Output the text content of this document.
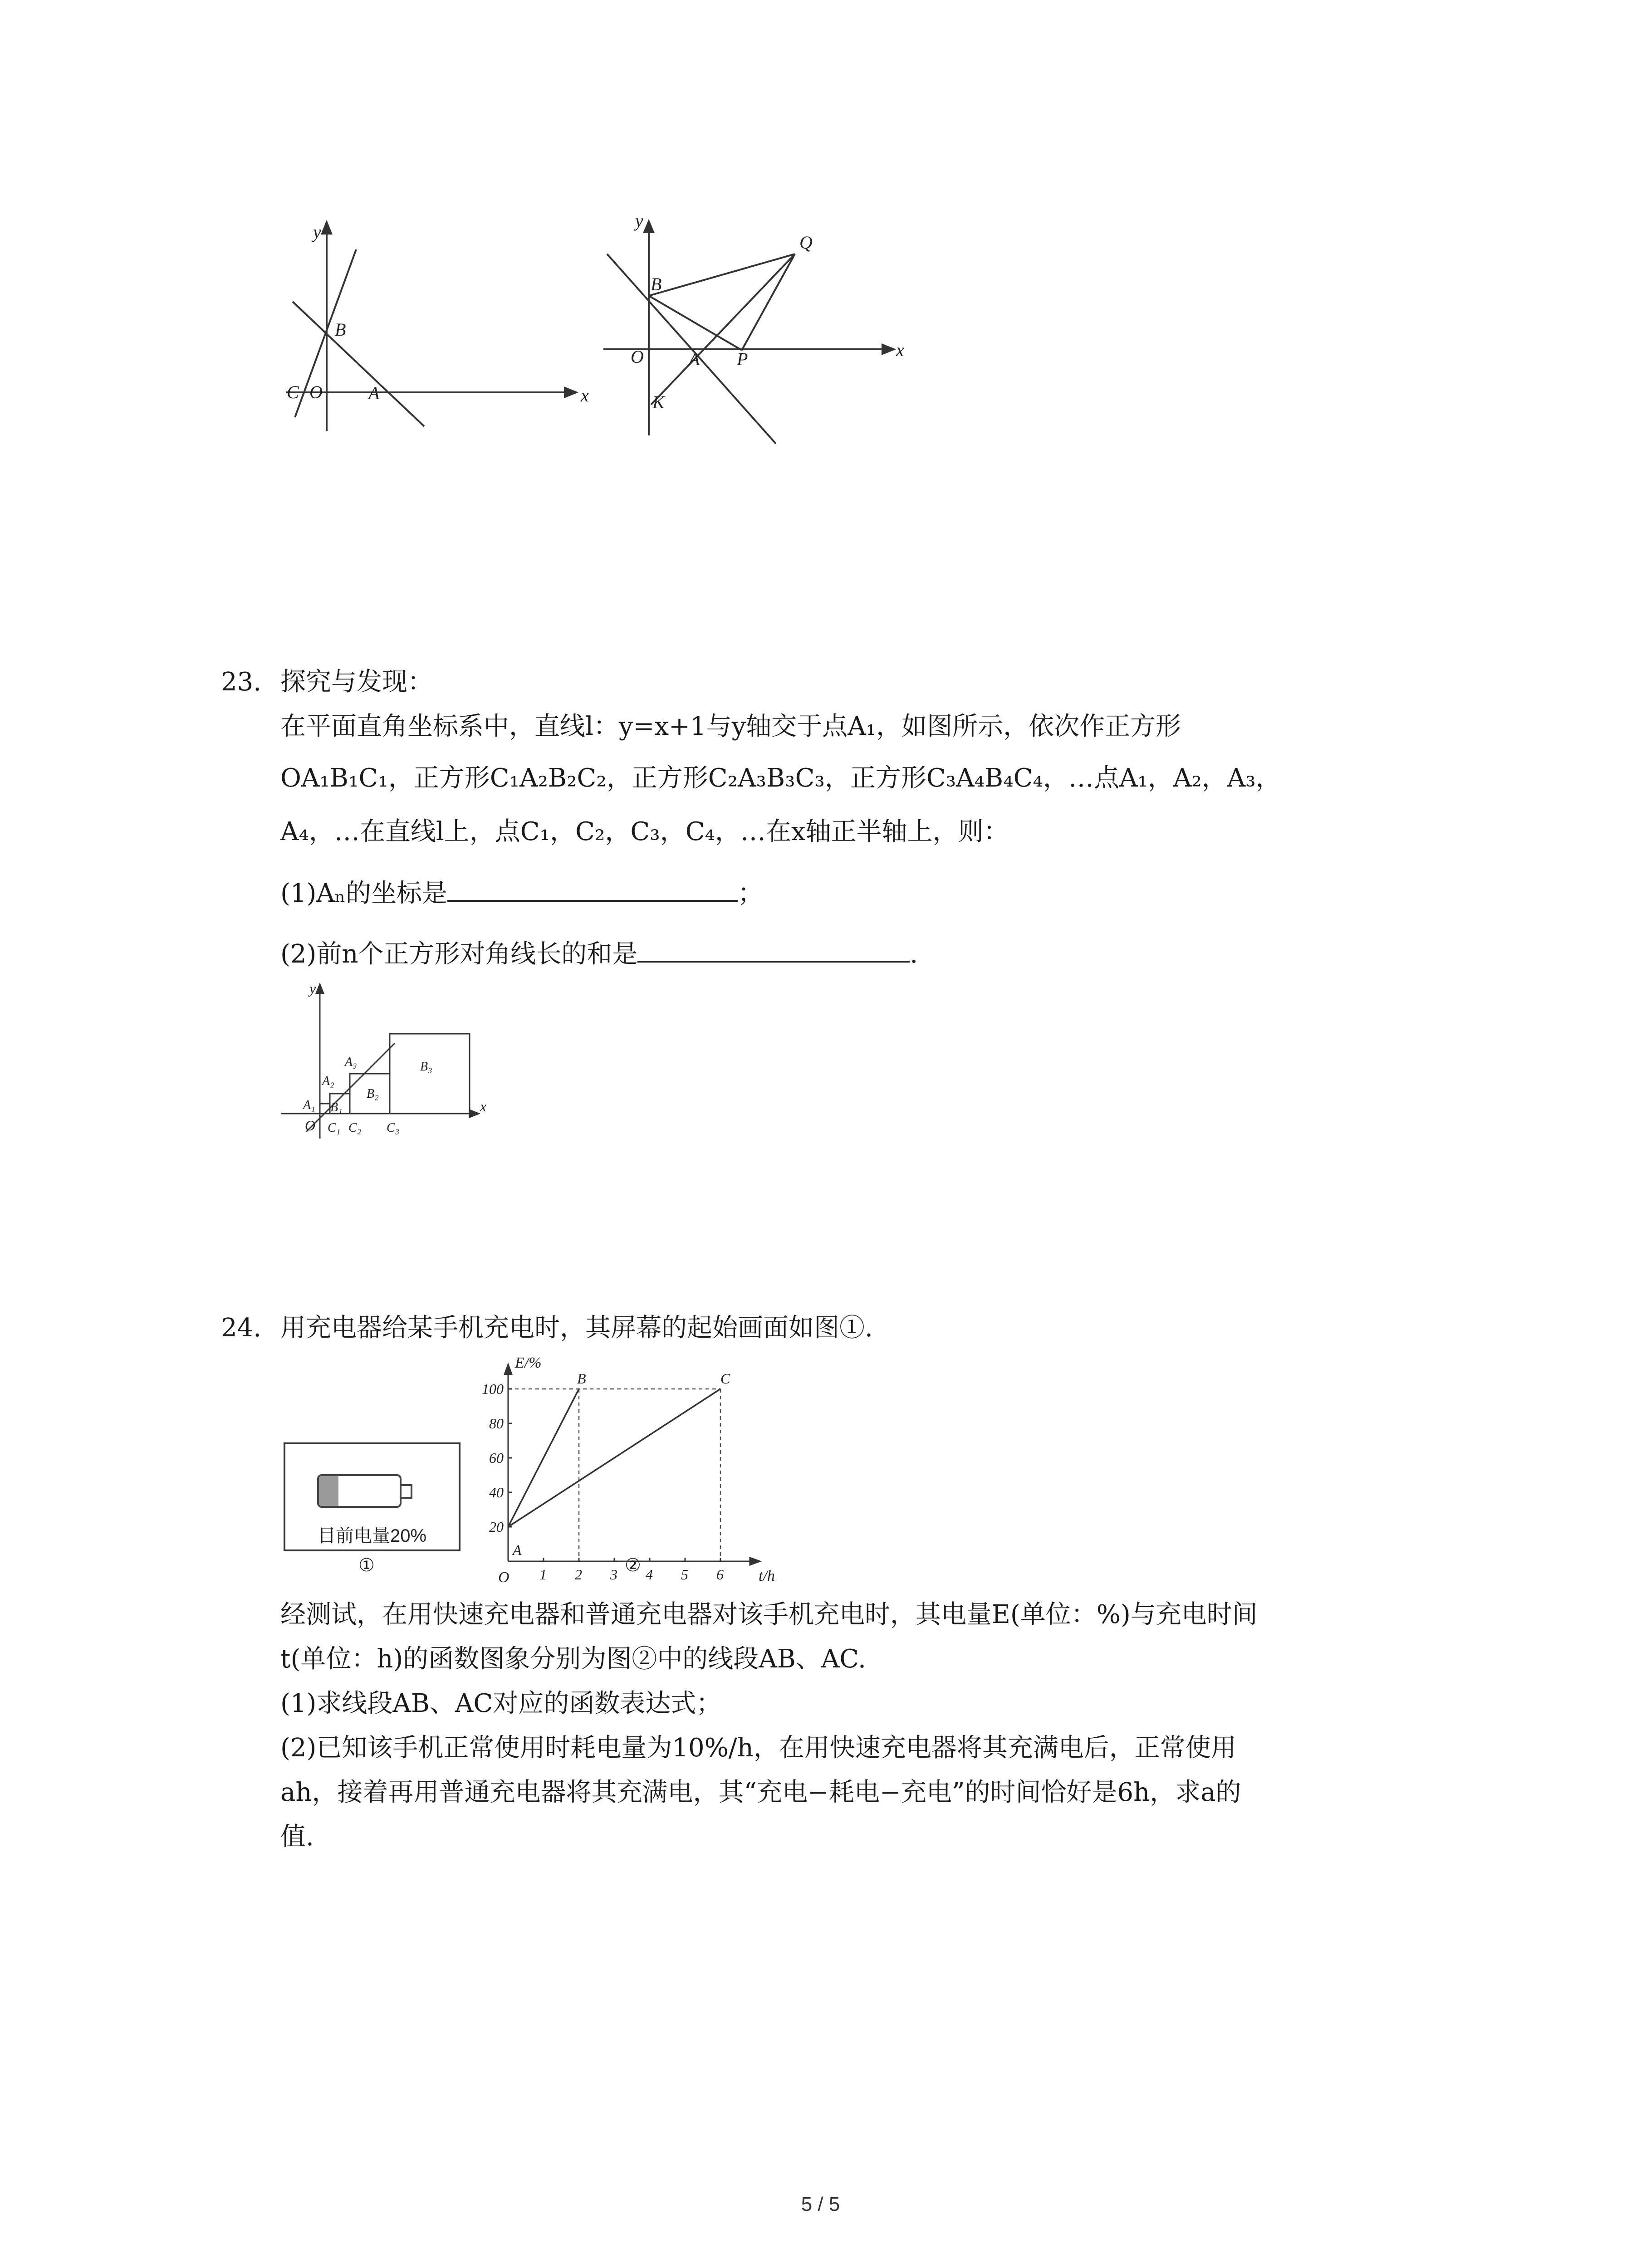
y
x
B
C O	A
y
x
B
Q
O A P
K
23. 探究与发现：
在平面直角坐标系中，直线l：y=x+1与y轴交于点A₁，如图所示，依次作正方形
OA₁B₁C₁，正方形C₁A₂B₂C₂，正方形C₂A₃B₃C₃，正方形C₃A₄B₄C₄，…点A₁，A₂，A₃，
A₄，…在直线l上，点C₁，C₂，C₃，C₄，…在x轴正半轴上，则：
(1)Aₙ的坐标是	；
(2)前n个正方形对角线长的和是	.
y
x
O
A₁
A₂
A₃
B₁
B₂
B₃
C₁ C₂ C₃
24. 用充电器给某手机充电时，其屏幕的起始画面如图①.
目前电量20%
①	1 2 3 4 5 6
20
40
60
80
100
E/%
t/h
O
A
B	C
②
经测试，在用快速充电器和普通充电器对该手机充电时，其电量E(单位：%)与充电时间
t(单位：h)的函数图象分别为图②中的线段AB、AC.
(1)求线段AB、AC对应的函数表达式；
(2)已知该手机正常使用时耗电量为10%/h，在用快速充电器将其充满电后，正常使用
ah，接着再用普通充电器将其充满电，其“充电−耗电−充电”的时间恰好是6h，求a的
值.
5 / 5
